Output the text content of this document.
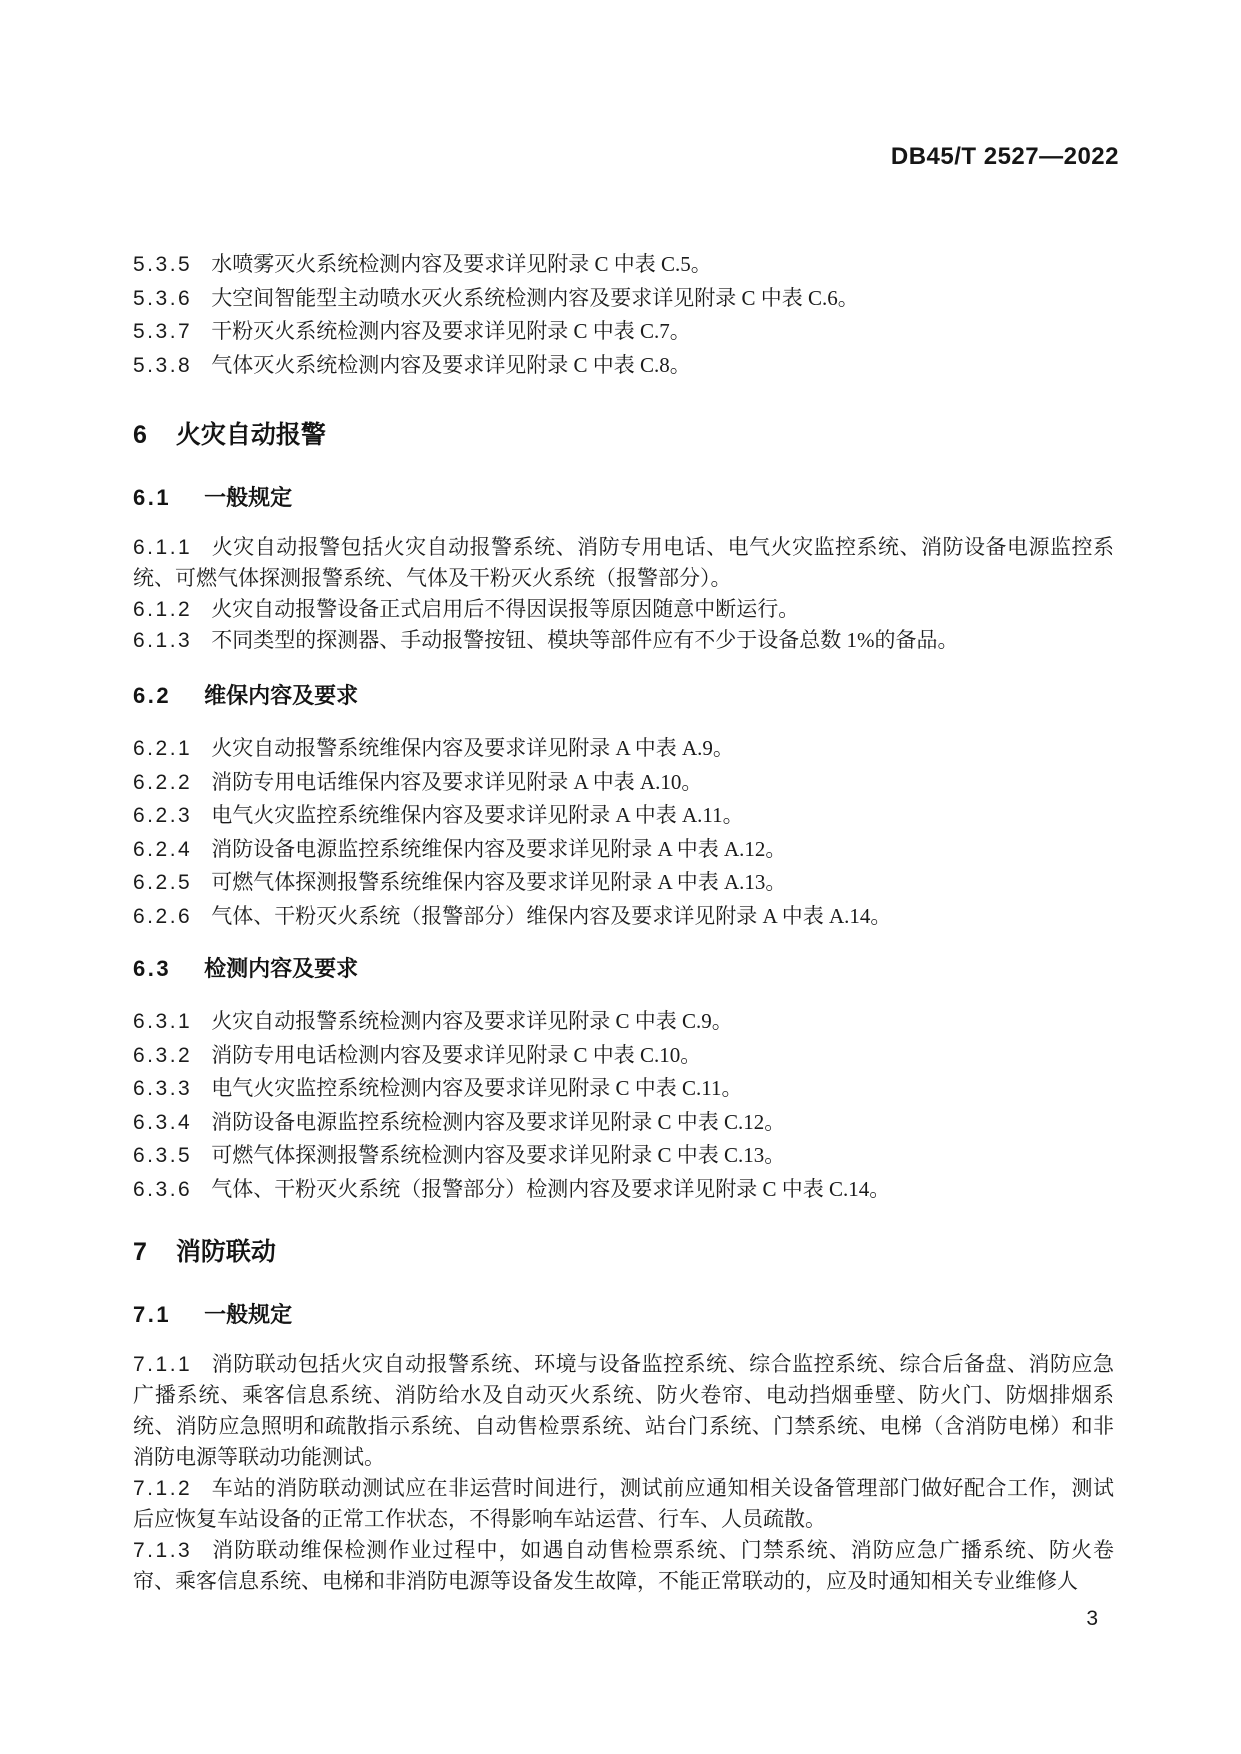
DB45/T 2527—2022

5.3.5 水喷雾灭火系统检测内容及要求详见附录 C 中表 C.5。

5.3.6 大空间智能型主动喷水灭火系统检测内容及要求详见附录 C 中表 C.6。

5.3.7 干粉灭火系统检测内容及要求详见附录 C 中表 C.7。

5.3.8 气体灭火系统检测内容及要求详见附录 C 中表 C.8。

6 火灾自动报警
6.1 一般规定

6.1.1 火灾自动报警包括火灾自动报警系统、消防专用电话、电气火灾监控系统、消防设备电源监控系统、可燃气体探测报警系统、气体及干粉灭火系统（报警部分）。

6.1.2 火灾自动报警设备正式启用后不得因误报等原因随意中断运行。

6.1.3 不同类型的探测器、手动报警按钮、模块等部件应有不少于设备总数 1%的备品。

6.2 维保内容及要求

6.2.1 火灾自动报警系统维保内容及要求详见附录 A 中表 A.9。

6.2.2 消防专用电话维保内容及要求详见附录 A 中表 A.10。

6.2.3 电气火灾监控系统维保内容及要求详见附录 A 中表 A.11。

6.2.4 消防设备电源监控系统维保内容及要求详见附录 A 中表 A.12。

6.2.5 可燃气体探测报警系统维保内容及要求详见附录 A 中表 A.13。

6.2.6 气体、干粉灭火系统（报警部分）维保内容及要求详见附录 A 中表 A.14。

6.3 检测内容及要求

6.3.1 火灾自动报警系统检测内容及要求详见附录 C 中表 C.9。

6.3.2 消防专用电话检测内容及要求详见附录 C 中表 C.10。

6.3.3 电气火灾监控系统检测内容及要求详见附录 C 中表 C.11。

6.3.4 消防设备电源监控系统检测内容及要求详见附录 C 中表 C.12。

6.3.5 可燃气体探测报警系统检测内容及要求详见附录 C 中表 C.13。

6.3.6 气体、干粉灭火系统（报警部分）检测内容及要求详见附录 C 中表 C.14。

7 消防联动
7.1 一般规定

7.1.1 消防联动包括火灾自动报警系统、环境与设备监控系统、综合监控系统、综合后备盘、消防应急广播系统、乘客信息系统、消防给水及自动灭火系统、防火卷帘、电动挡烟垂壁、防火门、防烟排烟系统、消防应急照明和疏散指示系统、自动售检票系统、站台门系统、门禁系统、电梯（含消防电梯）和非消防电源等联动功能测试。

7.1.2 车站的消防联动测试应在非运营时间进行，测试前应通知相关设备管理部门做好配合工作，测试后应恢复车站设备的正常工作状态，不得影响车站运营、行车、人员疏散。

7.1.3 消防联动维保检测作业过程中，如遇自动售检票系统、门禁系统、消防应急广播系统、防火卷帘、乘客信息系统、电梯和非消防电源等设备发生故障，不能正常联动的，应及时通知相关专业维修人

3
